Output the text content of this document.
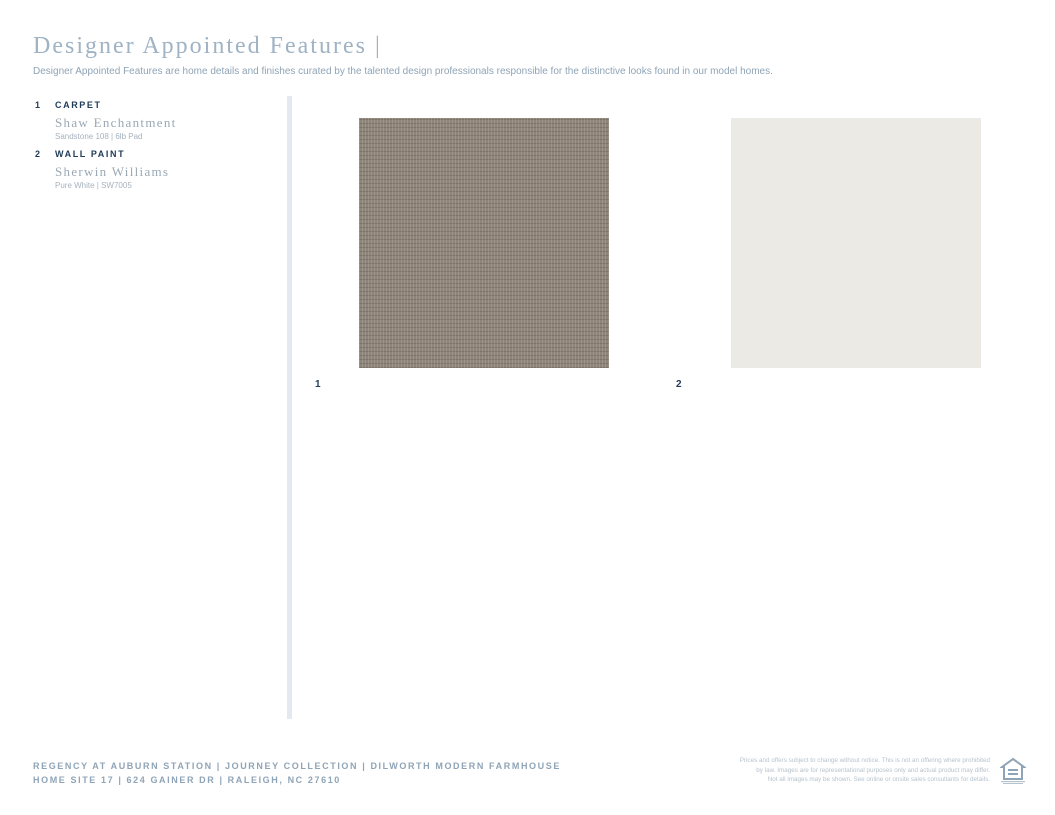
Designer Appointed Features |
Designer Appointed Features are home details and finishes curated by the talented design professionals responsible for the distinctive looks found in our model homes.
1	CARPET
Shaw Enchantment
Sandstone 108 | 6lb Pad
2	WALL PAINT
Sherwin Williams
Pure White | SW7005
1	2
REGENCY AT AUBURN STATION | JOURNEY COLLECTION | DILWORTH MODERN FARMHOUSE
HOME SITE 17 | 624 GAINER DR | RALEIGH, NC 27610
Prices and offers subject to change without notice. This is not an offering where prohibited
by law. Images are for representational purposes only and actual product may differ.
Not all images may be shown. See online or onsite sales consultants for details.
